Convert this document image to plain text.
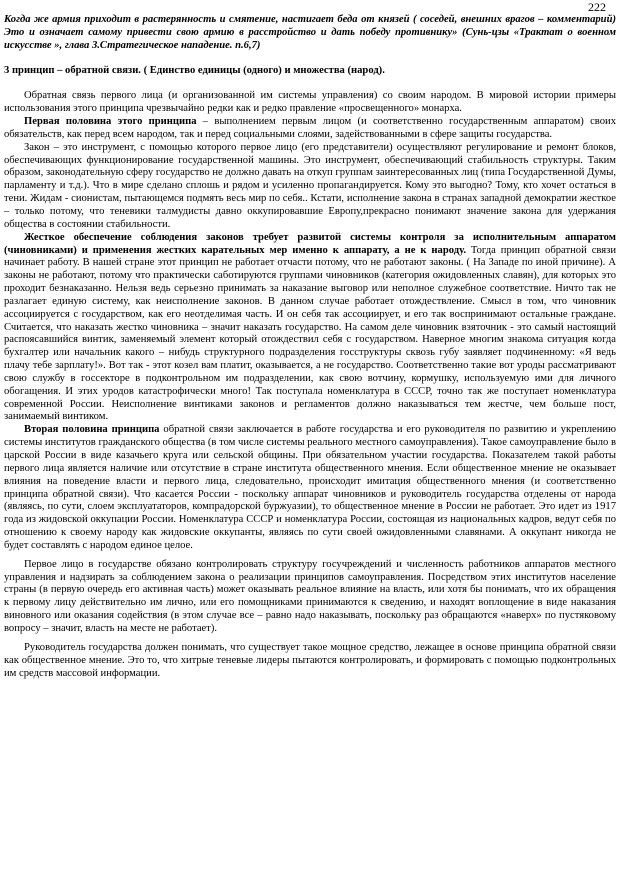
222

Когда же армия приходит в растерянность и смятение, настигает беда от князей ( соседей, внешних врагов – комментарий) Это и означает самому привести свою армию в расстройство и дать победу противнику» (Сунь-цзы «Трактат о военном искусстве », глава 3.Стратегическое нападение. п.6,7)

3 принцип – обратной связи. ( Единство единицы (одного) и множества (народ).

Обратная связь первого лица (и организованной им системы управления) со своим народом. В мировой истории примеры использования этого принципа чрезвычайно редки как и редко правление «просвещенного» монарха.

Первая половина этого принципа – выполнением первым лицом (и соответственно государственным аппаратом) своих обязательств, как перед всем народом, так и перед социальными слоями, задействованными в сфере защиты государства.

Закон – это инструмент, с помощью которого первое лицо (его представители) осуществляют регулирование и ремонт блоков, обеспечивающих функционирование государственной машины. Это инструмент, обеспечивающий стабильность структуры. Таким образом, законодательную сферу государство не должно давать на откуп группам заинтересованных лиц (типа Государственной Думы, парламенту и т.д.). Что в мире сделано сплошь и рядом и усиленно пропагандируется. Кому это выгодно? Тому, кто хочет остаться в тени. Жидам - сионистам, пытающемся подмять весь мир по себя.. Кстати, исполнение закона в странах западной демократии жесткое – только потому, что теневики талмудисты давно оккупировавшие Европу,прекрасно понимают значение закона для удержания общества в состоянии стабильности.

Жесткое обеспечение соблюдения законов требует развитой системы контроля за исполнительным аппаратом (чиновниками) и применения жестких карательных мер именно к аппарату, а не к народу. Тогда принцип обратной связи начинает работу. В нашей стране этот принцип не работает отчасти потому, что не работают законы. ( На Западе по иной причине). А законы не работают, потому что практически саботируются группами чиновников (категория ожидовленных славян), для которых это проходит безнаказанно. Нельзя ведь серьезно принимать за наказание выговор или неполное служебное соответствие. Ничто так не разлагает единую систему, как неисполнение законов. В данном случае работает отождествление. Смысл в том, что чиновник ассоциируется с государством, как его неотделимая часть. И он себя так ассоциирует, и его так воспринимают остальные граждане. Считается, что наказать жестко чиновника – значит наказать государство. На самом деле чиновник взяточник - это самый настоящий распоясавшийся винтик, заменяемый элемент который отождествил себя с государством. Наверное многим знакома ситуация когда бухгалтер или начальник какого – нибудь структурного подразделения госструктуры сквозь губу заявляет подчиненному: «Я ведь плачу тебе зарплату!». Вот так - этот козел вам платит, оказывается, а не государство. Соответственно такие вот уроды рассматривают свою службу в госсекторе в подконтрольном им подразделении, как свою вотчину, кормушку, используемую ими для личного обогащения. И этих уродов катастрофически много! Так поступала номенклатура в СССР, точно так же поступает номенклатура современной России. Неисполнение винтиками законов и регламентов должно наказываться тем жестче, чем больше пост, занимаемый винтиком.

Вторая половина принципа обратной связи заключается в работе государства и его руководителя по развитию и укреплению системы институтов гражданского общества (в том числе системы реального местного самоуправления). Такое самоуправление было в царской России в виде казачьего круга или сельской общины. При обязательном участии государства. Показателем такой работы первого лица является наличие или отсутствие в стране института общественного мнения. Если общественное мнение не оказывает влияния на поведение власти и первого лица, следовательно, происходит имитация общественного мнения (и соответственно принципа обратной связи). Что касается России - поскольку аппарат чиновников и руководитель государства отделены от народа (являясь, по сути, слоем эксплуататоров, компрадорской буржуазии), то общественное мнение в России не работает. Это идет из 1917 года из жидовской оккупации России. Номенклатура СССР и номенклатура России, состоящая из национальных кадров, ведут себя по отношению к своему народу как жидовские оккупанты, являясь по сути своей ожидовленными славянами. А оккупант никогда не будет составлять с народом единое целое.

Первое лицо в государстве обязано контролировать структуру госучреждений и численность работников аппаратов местного управления и надзирать за соблюдением закона о реализации принципов самоуправления. Посредством этих институтов население страны (в первую очередь его активная часть) может оказывать реальное влияние на власть, или хотя бы понимать, что их обращения к первому лицу действительно им лично, или его помощниками принимаются к сведению, и находят воплощение в виде наказания виновного или оказания содействия (в этом случае все – равно надо наказывать, поскольку раз обращаются «наверх» по пустяковому вопросу – значит, власть на месте не работает).

Руководитель государства должен понимать, что существует такое мощное средство, лежащее в основе принципа обратной связи как общественное мнение. Это то, что хитрые теневые лидеры пытаются контролировать, и формировать с помощью подконтрольных им средств массовой информации.
